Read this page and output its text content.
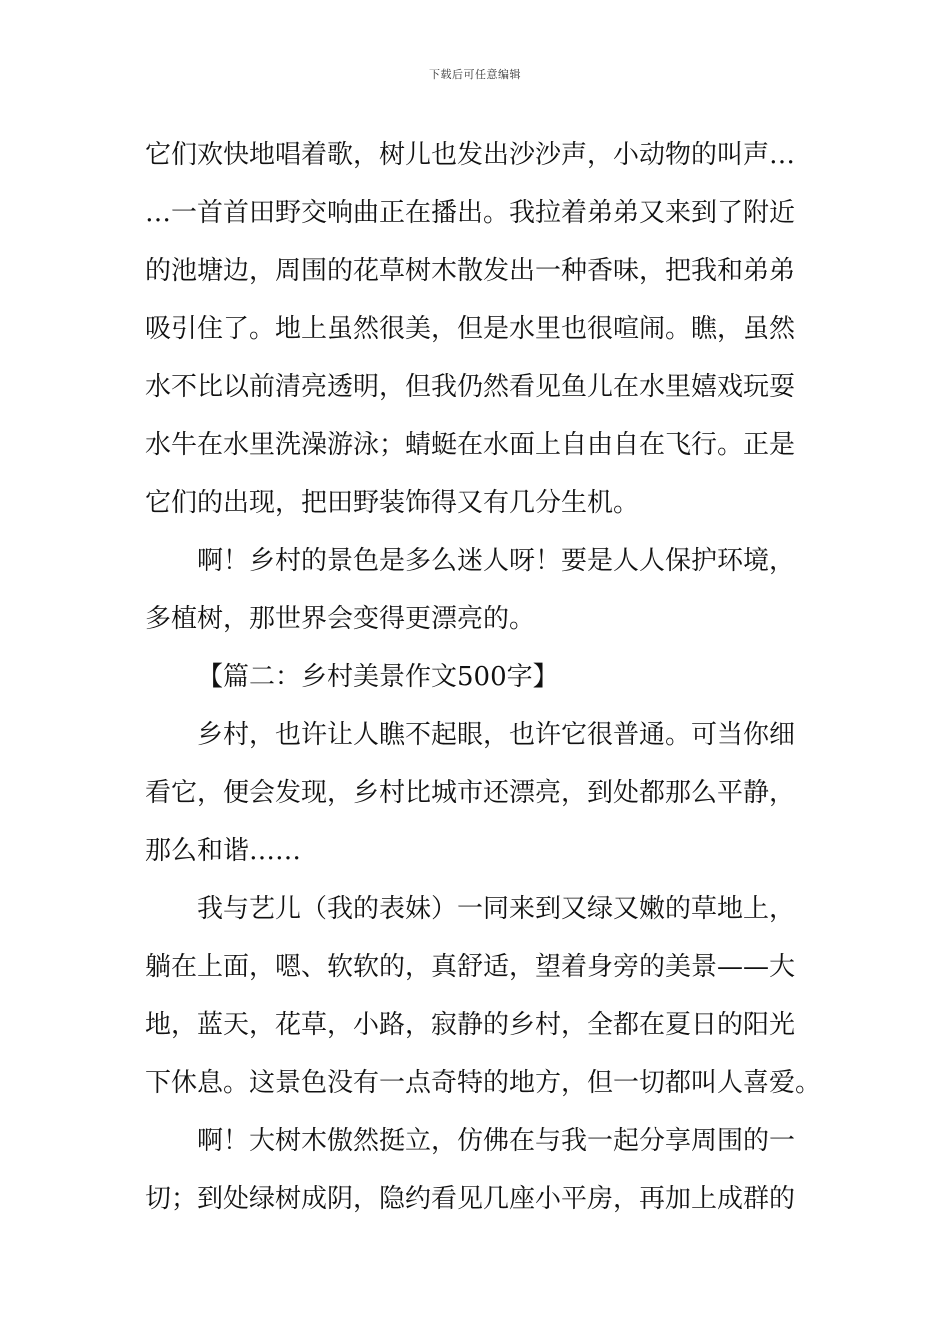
下载后可任意编辑
它们欢快地唱着歌，树儿也发出沙沙声，小动物的叫声…
…一首首田野交响曲正在播出。我拉着弟弟又来到了附近
的池塘边，周围的花草树木散发出一种香味，把我和弟弟
吸引住了。地上虽然很美，但是水里也很喧闹。瞧，虽然
水不比以前清亮透明，但我仍然看见鱼儿在水里嬉戏玩耍
水牛在水里洗澡游泳；蜻蜓在水面上自由自在飞行。正是
它们的出现，把田野装饰得又有几分生机。
啊！乡村的景色是多么迷人呀！要是人人保护环境，
多植树，那世界会变得更漂亮的。
【篇二：乡村美景作文500字】
乡村，也许让人瞧不起眼，也许它很普通。可当你细
看它，便会发现，乡村比城市还漂亮，到处都那么平静，
那么和谐……
我与艺儿（我的表妹）一同来到又绿又嫩的草地上，
躺在上面，嗯、软软的，真舒适，望着身旁的美景——大
地，蓝天，花草，小路，寂静的乡村，全都在夏日的阳光
下休息。这景色没有一点奇特的地方，但一切都叫人喜爱。
啊！大树木傲然挺立，仿佛在与我一起分享周围的一
切；到处绿树成阴，隐约看见几座小平房，再加上成群的
